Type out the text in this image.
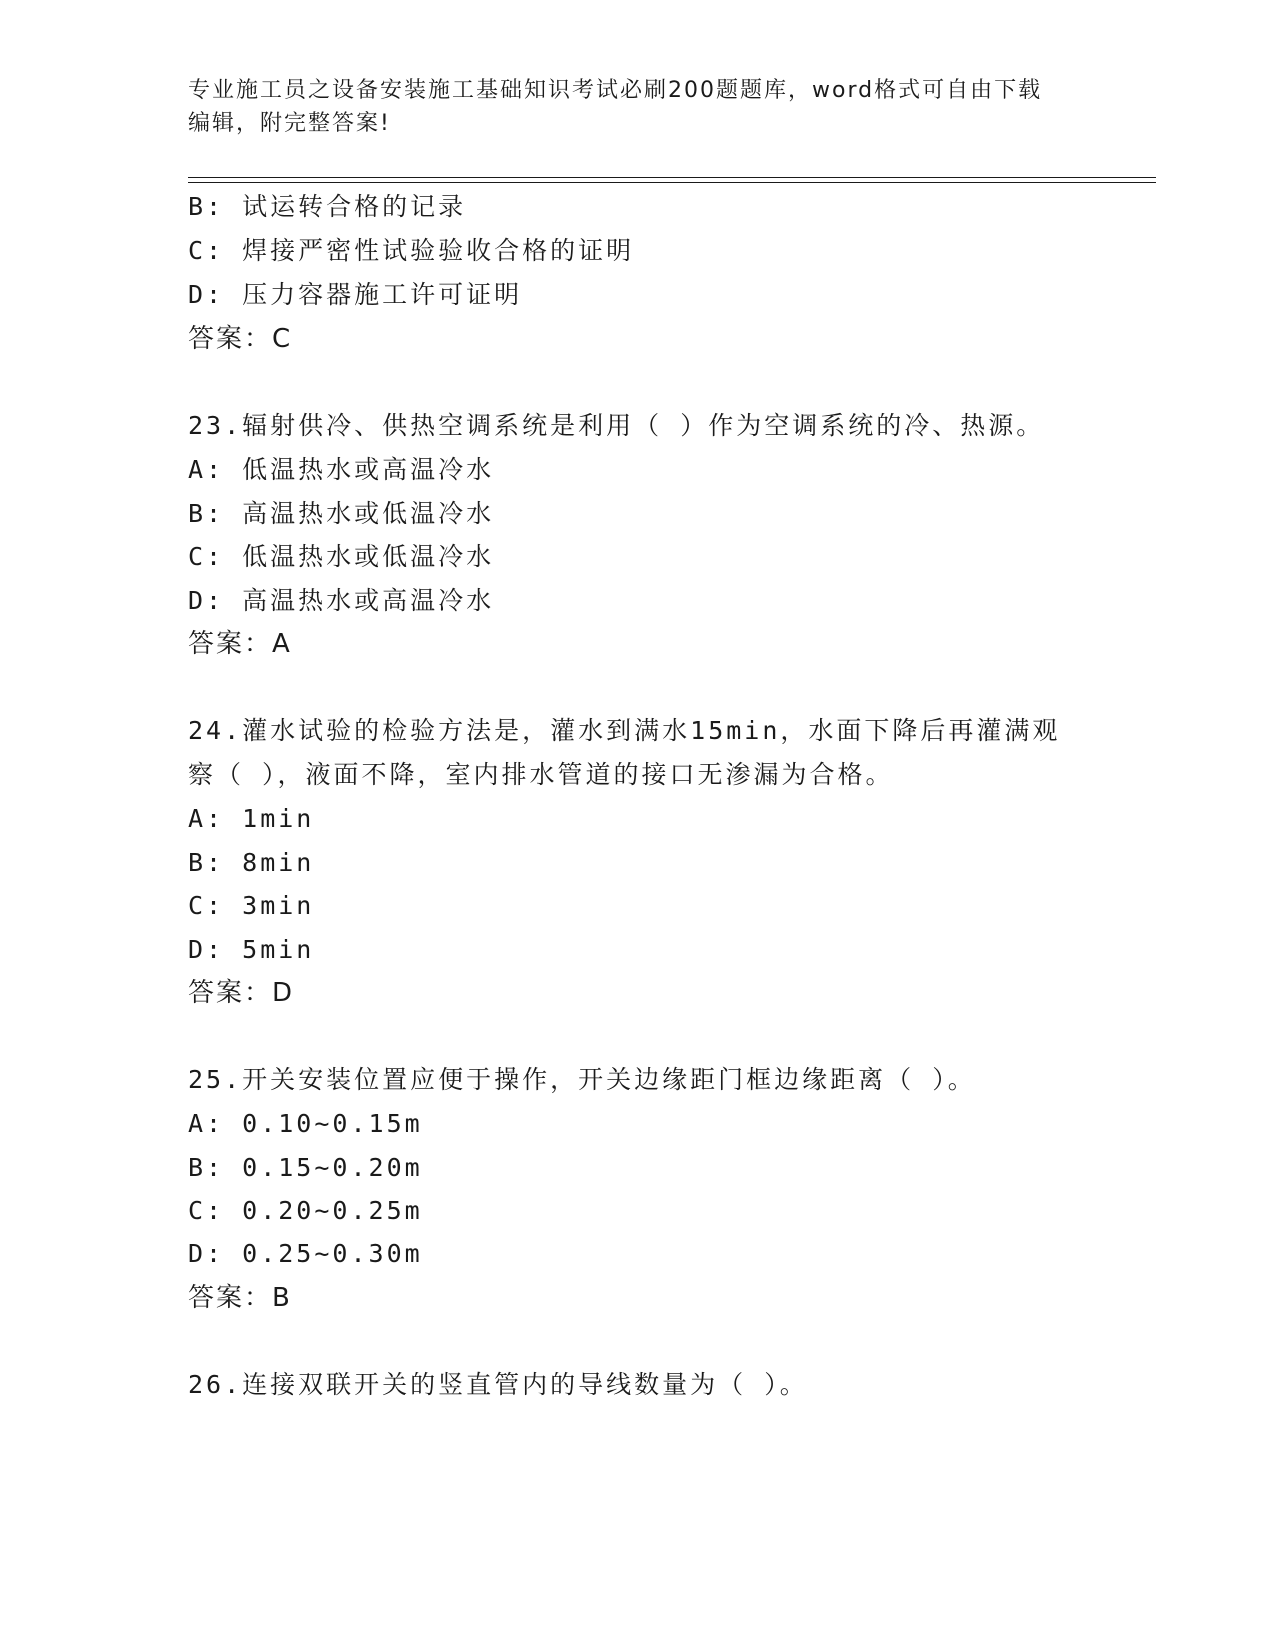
专业施工员之设备安装施工基础知识考试必刷200题题库，word格式可自由下载
编辑，附完整答案!
B: 试运转合格的记录
C: 焊接严密性试验验收合格的证明
D: 压力容器施工许可证明
答案：C
23.辐射供冷、供热空调系统是利用（ ）作为空调系统的冷、热源。
A: 低温热水或高温冷水
B: 高温热水或低温冷水
C: 低温热水或低温冷水
D: 高温热水或高温冷水
答案：A
24.灌水试验的检验方法是，灌水到满水15min，水面下降后再灌满观
察（ ），液面不降，室内排水管道的接口无渗漏为合格。
A: 1min
B: 8min
C: 3min
D: 5min
答案：D
25.开关安装位置应便于操作，开关边缘距门框边缘距离（ ）。
A: 0.10~0.15m
B: 0.15~0.20m
C: 0.20~0.25m
D: 0.25~0.30m
答案：B
26.连接双联开关的竖直管内的导线数量为（ ）。
